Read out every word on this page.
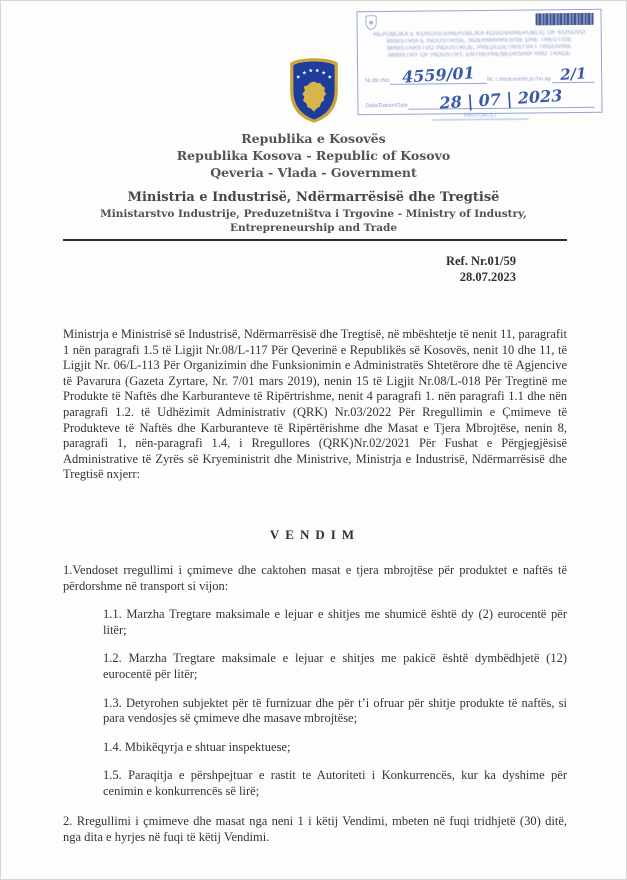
REPUBLIKA E KOSOVËS/REPUBLIKA KOSOVA/REPUBLIC OF KOSOVO
MINISTRIA E INDUSTRISË, NDËRMARRËSISË DHE TREGTISË
MINISTARSTVO INDUSTRIJE, PREDUZETNIŠTVA I TRGOVINE
MINISTRY OF INDUSTRY, ENTREPRENEURSHIP AND TRADE
Nr./Br./No. 4559/01	Nr. i shtojcave/br.pr./no.ag. 2/1
Data/Datum/Date	28 | 07 | 2023
PROTOKOLI
Republika e Kosovës
Republika Kosova - Republic of Kosovo
Qeveria - Vlada - Government
Ministria e Industrisë, Ndërmarrësisë dhe Tregtisë
Ministarstvo Industrije, Preduzetništva i Trgovine - Ministry of Industry, Entrepreneurship and Trade
Ref. Nr.01/59
28.07.2023

Ministrja e Ministrisë së Industrisë, Ndërmarrësisë dhe Tregtisë, në mbështetje të nenit 11, paragrafit 1 nën paragrafi 1.5 të Ligjit Nr.08/L-117 Për Qeverinë e Republikës së Kosovës, nenit 10 dhe 11, të Ligjit Nr. 06/L-113 Për Organizimin dhe Funksionimin e Administratës Shtetërore dhe të Agjencive të Pavarura (Gazeta Zyrtare, Nr. 7/01 mars 2019), nenin 15 të Ligjit Nr.08/L-018 Për Tregtinë me Produkte të Naftës dhe Karburanteve të Ripërtrishme, nenit 4 paragrafi 1. nën paragrafi 1.1 dhe nën paragrafi 1.2. të Udhëzimit Administrativ (QRK) Nr.03/2022 Për Rregullimin e Çmimeve të Produkteve të Naftës dhe Karburanteve të Ripërtërishme dhe Masat e Tjera Mbrojtëse, nenin 8, paragrafi 1, nën-paragrafi 1.4, i Rregullores (QRK)Nr.02/2021 Për Fushat e Përgjegjësisë Administrative të Zyrës së Kryeministrit dhe Ministrive, Ministrja e Industrisë, Ndërmarrësisë dhe Tregtisë nxjerr:

VENDIM

1.Vendoset rregullimi i çmimeve dhe caktohen masat e tjera mbrojtëse për produktet e naftës të përdorshme në transport si vijon:

1.1. Marzha Tregtare maksimale e lejuar e shitjes me shumicë është dy (2) eurocentë për litër;

1.2. Marzha Tregtare maksimale e lejuar e shitjes me pakicë është dymbëdhjetë (12) eurocentë për litër;

1.3. Detyrohen subjektet për të furnizuar dhe për t’i ofruar për shitje produkte të naftës, si para vendosjes së çmimeve dhe masave mbrojtëse;

1.4. Mbikëqyrja e shtuar inspektuese;

1.5. Paraqitja e përshpejtuar e rastit te Autoriteti i Konkurrencës, kur ka dyshime për cenimin e konkurrencës së lirë;

2. Rregullimi i çmimeve dhe masat nga neni 1 i këtij Vendimi, mbeten në fuqi tridhjetë (30) ditë, nga dita e hyrjes në fuqi të këtij Vendimi.
